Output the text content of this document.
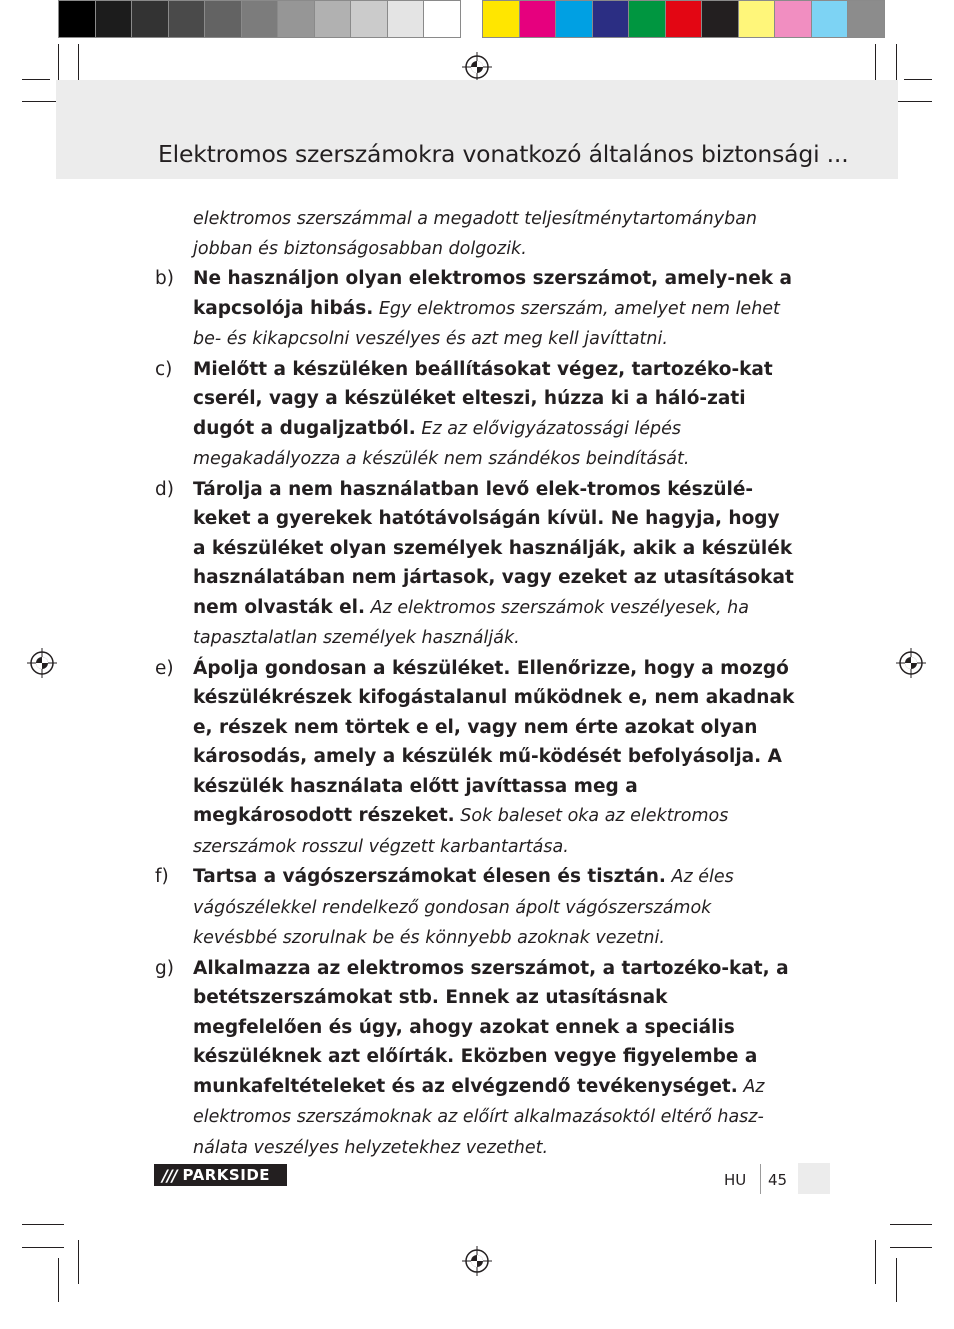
Elektromos szerszámokra vonatkozó általános biztonsági ...
elektromos szerszámmal a megadott teljesítménytartományban jobban és biztonságosabban dolgozik.
b)	Ne használjon olyan elektromos szerszámot, amely-nek a kapcsolója hibás. Egy elektromos szerszám, amelyet nem lehet be- és kikapcsolni veszélyes és azt meg kell javíttatni.
c)	Mielőtt a készüléken beállításokat végez, tartozéko-kat cserél, vagy a készüléket elteszi, húzza ki a háló-zati dugót a dugaljzatból. Ez az elővigyázatossági lépés megakadályozza a készülék nem szándékos beindítását.
d)	Tárolja a nem használatban levő elek-tromos készülé-keket a gyerekek hatótávolságán kívül. Ne hagyja, hogy a készüléket olyan személyek használják, akik a készülék használatában nem jártasok, vagy ezeket az utasításokat nem olvasták el. Az elektromos szerszámok veszélyesek, ha tapasztalatlan személyek használják.
e)	Ápolja gondosan a készüléket. Ellenőrizze, hogy a mozgó készülékrészek kifogástalanul működnek e, nem akadnak e, részek nem törtek e el, vagy nem érte azokat olyan károsodás, amely a készülék mű-ködését befolyásolja. A készülék használata előtt javíttassa meg a megkárosodott részeket. Sok baleset oka az elektromos szerszámok rosszul végzett karbantartása.
f)	Tartsa a vágószerszámokat élesen és tisztán. Az éles vágószélekkel rendelkező gondosan ápolt vágószerszámok kevésbbé szorulnak be és könnyebb azoknak vezetni.
g)	Alkalmazza az elektromos szerszámot, a tartozéko-kat, a betétszerszámokat stb. Ennek az utasításnak megfelelően és úgy, ahogy azokat ennek a speciális készüléknek azt előírták. Eközben vegye figyelembe a munkafeltételeket és az elvégzendő tevékenységet. Az elektromos szerszámoknak az előírt alkalmazásoktól eltérő hasz-nálata veszélyes helyzetekhez vezethet.
/// PARKSIDE	HU 45
